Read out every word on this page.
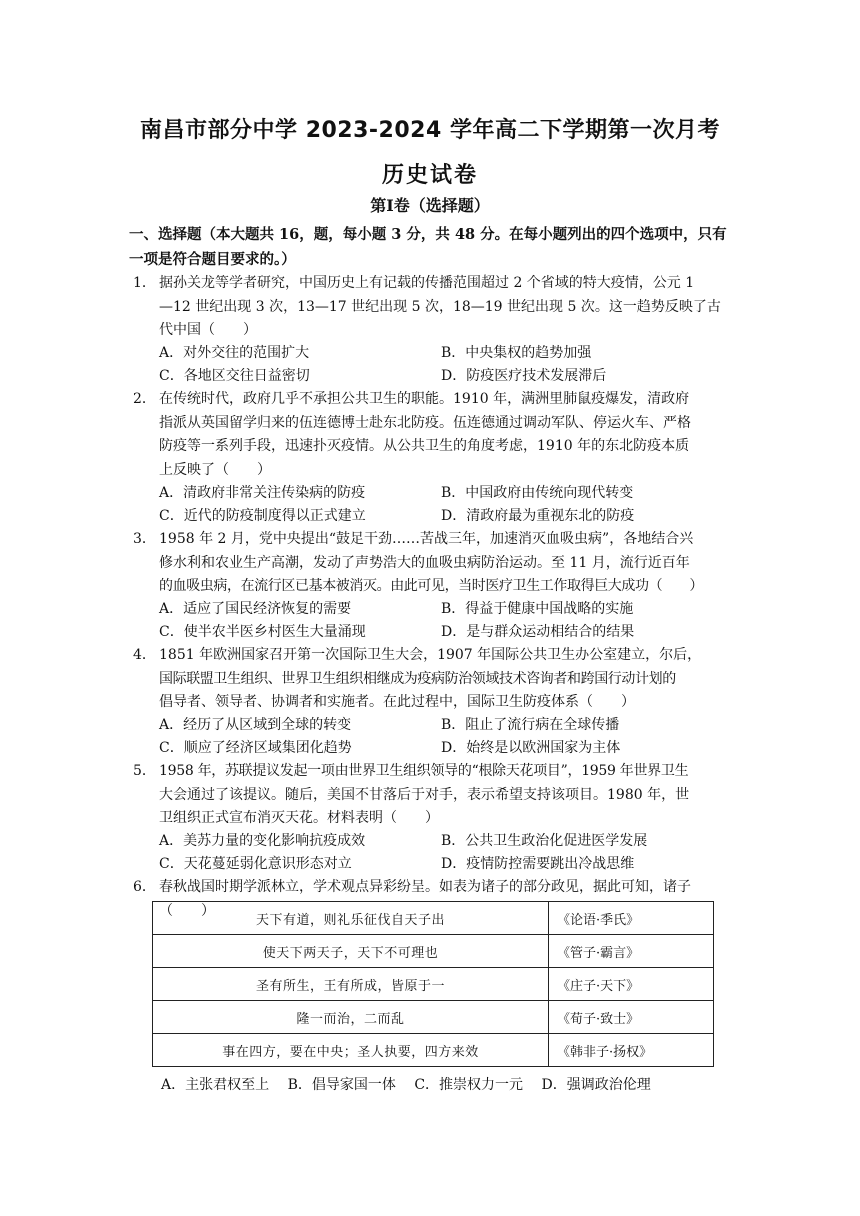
南昌市部分中学 2023-2024 学年高二下学期第一次月考
历史试卷
第Ⅰ卷（选择题）
一、选择题（本大题共 16，题，每小题 3 分，共 48 分。在每小题列出的四个选项中，只有
一项是符合题目要求的。）
1． 据孙关龙等学者研究，中国历史上有记载的传播范围超过 2 个省域的特大疫情，公元 1
—12 世纪出现 3 次，13—17 世纪出现 5 次，18—19 世纪出现 5 次。这一趋势反映了古
代中国（　　）
A．对外交往的范围扩大	B．中央集权的趋势加强
C．各地区交往日益密切	D．防疫医疗技术发展滞后
2． 在传统时代，政府几乎不承担公共卫生的职能。1910 年，满洲里肺鼠疫爆发，清政府
指派从英国留学归来的伍连德博士赴东北防疫。伍连德通过调动军队、停运火车、严格
防疫等一系列手段，迅速扑灭疫情。从公共卫生的角度考虑，1910 年的东北防疫本质
上反映了（　　）
A．清政府非常关注传染病的防疫	B．中国政府由传统向现代转变
C．近代的防疫制度得以正式建立	D．清政府最为重视东北的防疫
3． 1958 年 2 月，党中央提出“鼓足干劲……苦战三年，加速消灭血吸虫病”，各地结合兴
修水利和农业生产高潮，发动了声势浩大的血吸虫病防治运动。至 11 月，流行近百年
的血吸虫病，在流行区已基本被消灭。由此可见，当时医疗卫生工作取得巨大成功（　　）
A．适应了国民经济恢复的需要	B．得益于健康中国战略的实施
C．使半农半医乡村医生大量涌现	D．是与群众运动相结合的结果
4． 1851 年欧洲国家召开第一次国际卫生大会，1907 年国际公共卫生办公室建立，尔后，
国际联盟卫生组织、世界卫生组织相继成为疫病防治领域技术咨询者和跨国行动计划的
倡导者、领导者、协调者和实施者。在此过程中，国际卫生防疫体系（　　）
A．经历了从区域到全球的转变	B．阻止了流行病在全球传播
C．顺应了经济区域集团化趋势	D．始终是以欧洲国家为主体
5． 1958 年，苏联提议发起一项由世界卫生组织领导的“根除天花项目”，1959 年世界卫生
大会通过了该提议。随后，美国不甘落后于对手，表示希望支持该项目。1980 年，世
卫组织正式宣布消灭天花。材料表明（　　）
A．美苏力量的变化影响抗疫成效	B．公共卫生政治化促进医学发展
C．天花蔓延弱化意识形态对立	D．疫情防控需要跳出冷战思维
6． 春秋战国时期学派林立，学术观点异彩纷呈。如表为诸子的部分政见，据此可知，诸子
（　　）
天下有道，则礼乐征伐自天子出	《论语·季氏》
使天下两天子，天下不可理也	《管子·霸言》
圣有所生，王有所成，皆原于一	《庄子·天下》
隆一而治，二而乱	《荀子·致士》
事在四方，要在中央；圣人执要，四方来效	《韩非子·扬权》
A．主张君权至上 B．倡导家国一体 C．推崇权力一元 D．强调政治伦理
